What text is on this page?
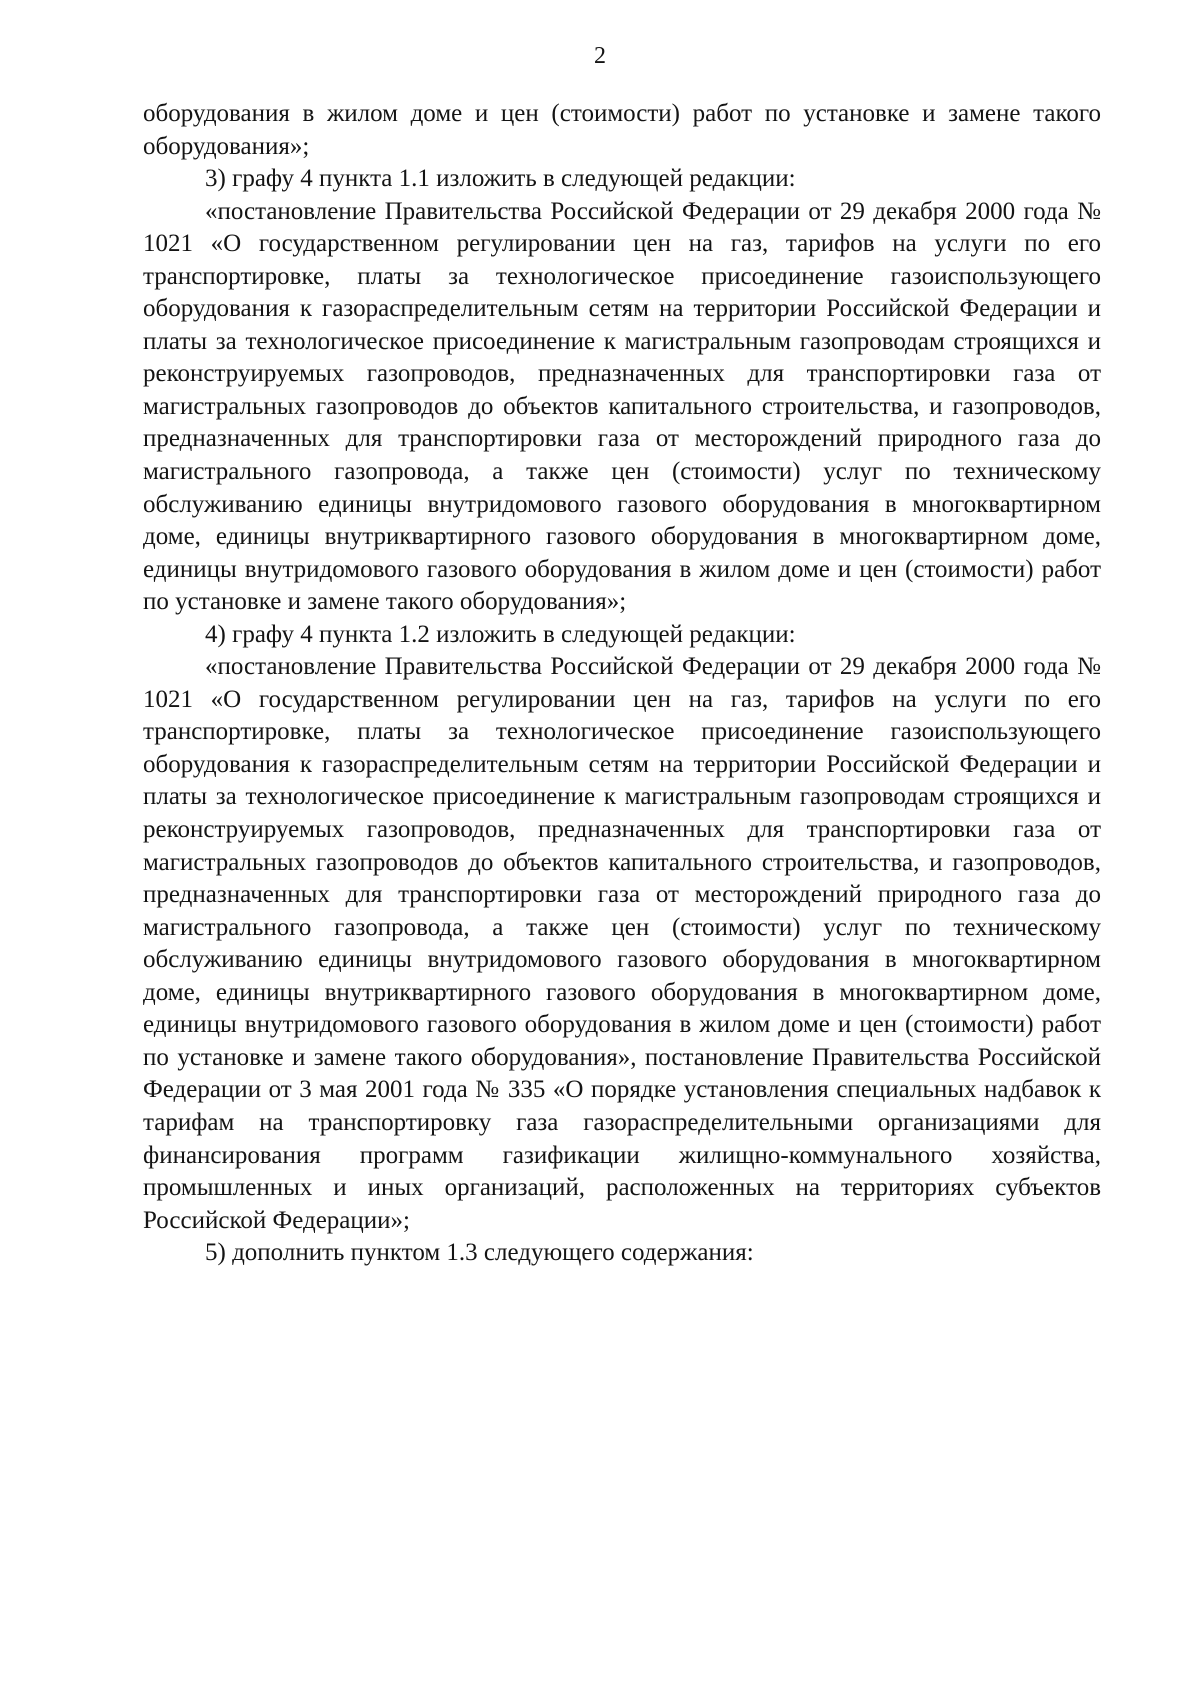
2

оборудования в жилом доме и цен (стоимости) работ по установке и замене такого оборудования»;

3) графу 4 пункта 1.1 изложить в следующей редакции:

«постановление Правительства Российской Федерации от 29 декабря 2000 года № 1021 «О государственном регулировании цен на газ, тарифов на услуги по его транспортировке, платы за технологическое присоединение газоиспользующего оборудования к газораспределительным сетям на территории Российской Федерации и платы за технологическое присоединение к магистральным газопроводам строящихся и реконструируемых газопроводов, предназначенных для транспортировки газа от магистральных газопроводов до объектов капитального строительства, и газопроводов, предназначенных для транспортировки газа от месторождений природного газа до магистрального газопровода, а также цен (стоимости) услуг по техническому обслуживанию единицы внутридомового газового оборудования в многоквартирном доме, единицы внутриквартирного газового оборудования в многоквартирном доме, единицы внутридомового газового оборудования в жилом доме и цен (стоимости) работ по установке и замене такого оборудования»;

4) графу 4 пункта 1.2 изложить в следующей редакции:

«постановление Правительства Российской Федерации от 29 декабря 2000 года № 1021 «О государственном регулировании цен на газ, тарифов на услуги по его транспортировке, платы за технологическое присоединение газоиспользующего оборудования к газораспределительным сетям на территории Российской Федерации и платы за технологическое присоединение к магистральным газопроводам строящихся и реконструируемых газопроводов, предназначенных для транспортировки газа от магистральных газопроводов до объектов капитального строительства, и газопроводов, предназначенных для транспортировки газа от месторождений природного газа до магистрального газопровода, а также цен (стоимости) услуг по техническому обслуживанию единицы внутридомового газового оборудования в многоквартирном доме, единицы внутриквартирного газового оборудования в многоквартирном доме, единицы внутридомового газового оборудования в жилом доме и цен (стоимости) работ по установке и замене такого оборудования», постановление Правительства Российской Федерации от 3 мая 2001 года № 335 «О порядке установления специальных надбавок к тарифам на транспортировку газа газораспределительными организациями для финансирования программ газификации жилищно-коммунального хозяйства, промышленных и иных организаций, расположенных на территориях субъектов Российской Федерации»;

5) дополнить пунктом 1.3 следующего содержания:
